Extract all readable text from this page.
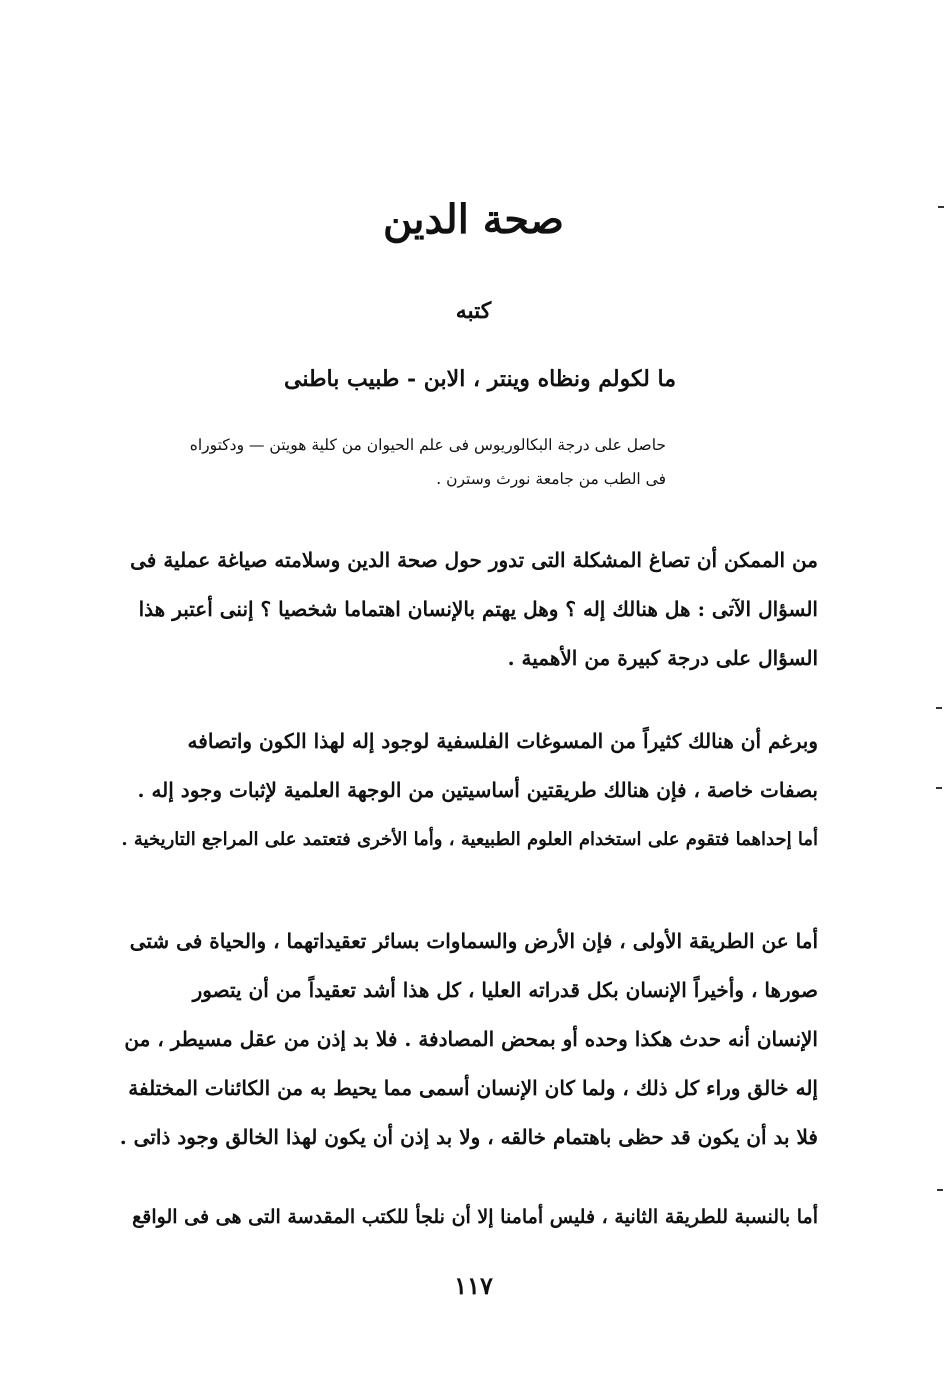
صحة الدين
كتبه
ما لكولم ونظاه وينتر ، الابن - طبيب باطنى
حاصل على درجة البكالوريوس فى علم الحيوان من كلية هويتن — ودكتوراه
فى الطب من جامعة نورث وسترن .
من الممكن أن تصاغ المشكلة التى تدور حول صحة الدين وسلامته صياغة عملية فى
السؤال الآتى : هل هنالك إله ؟ وهل يهتم بالإنسان اهتماما شخصيا ؟ إننى أعتبر هذا
السؤال على درجة كبيرة من الأهمية .
وبرغم أن هنالك كثيراً من المسوغات الفلسفية لوجود إله لهذا الكون واتصافه
بصفات خاصة ، فإن هنالك طريقتين أساسيتين من الوجهة العلمية لإثبات وجود إله .
أما إحداهما فتقوم على استخدام العلوم الطبيعية ، وأما الأخرى فتعتمد على المراجع التاريخية .
أما عن الطريقة الأولى ، فإن الأرض والسماوات بسائر تعقيداتهما ، والحياة فى شتى
صورها ، وأخيراً الإنسان بكل قدراته العليا ، كل هذا أشد تعقيداً من أن يتصور
الإنسان أنه حدث هكذا وحده أو بمحض المصادفة . فلا بد إذن من عقل مسيطر ، من
إله خالق وراء كل ذلك ، ولما كان الإنسان أسمى مما يحيط به من الكائنات المختلفة
فلا بد أن يكون قد حظى باهتمام خالقه ، ولا بد إذن أن يكون لهذا الخالق وجود ذاتى .
أما بالنسبة للطريقة الثانية ، فليس أمامنا إلا أن نلجأ للكتب المقدسة التى هى فى الواقع
١١٧
